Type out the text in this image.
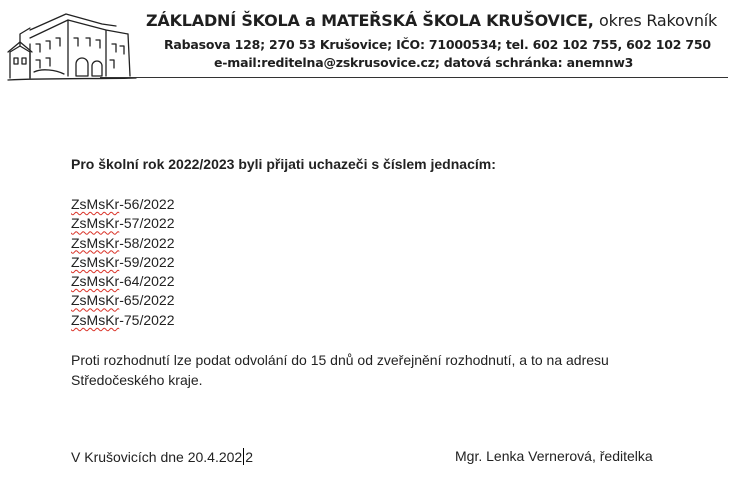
ZÁKLADNÍ ŠKOLA a MATEŘSKÁ ŠKOLA KRUŠOVICE, okres Rakovník
Rabasova 128; 270 53 Krušovice; IČO: 71000534; tel. 602 102 755, 602 102 750
e-mail:reditelna@zskrusovice.cz; datová schránka: anemnw3
Pro školní rok 2022/2023 byli přijati uchazeči s číslem jednacím:
ZsMsKr-56/2022
ZsMsKr-57/2022
ZsMsKr-58/2022
ZsMsKr-59/2022
ZsMsKr-64/2022
ZsMsKr-65/2022
ZsMsKr-75/2022
Proti rozhodnutí lze podat odvolání do 15 dnů od zveřejnění rozhodnutí, a to na adresu Středočeského kraje.
V Krušovicích dne 20.4.202 2	Mgr. Lenka Vernerová, ředitelka
